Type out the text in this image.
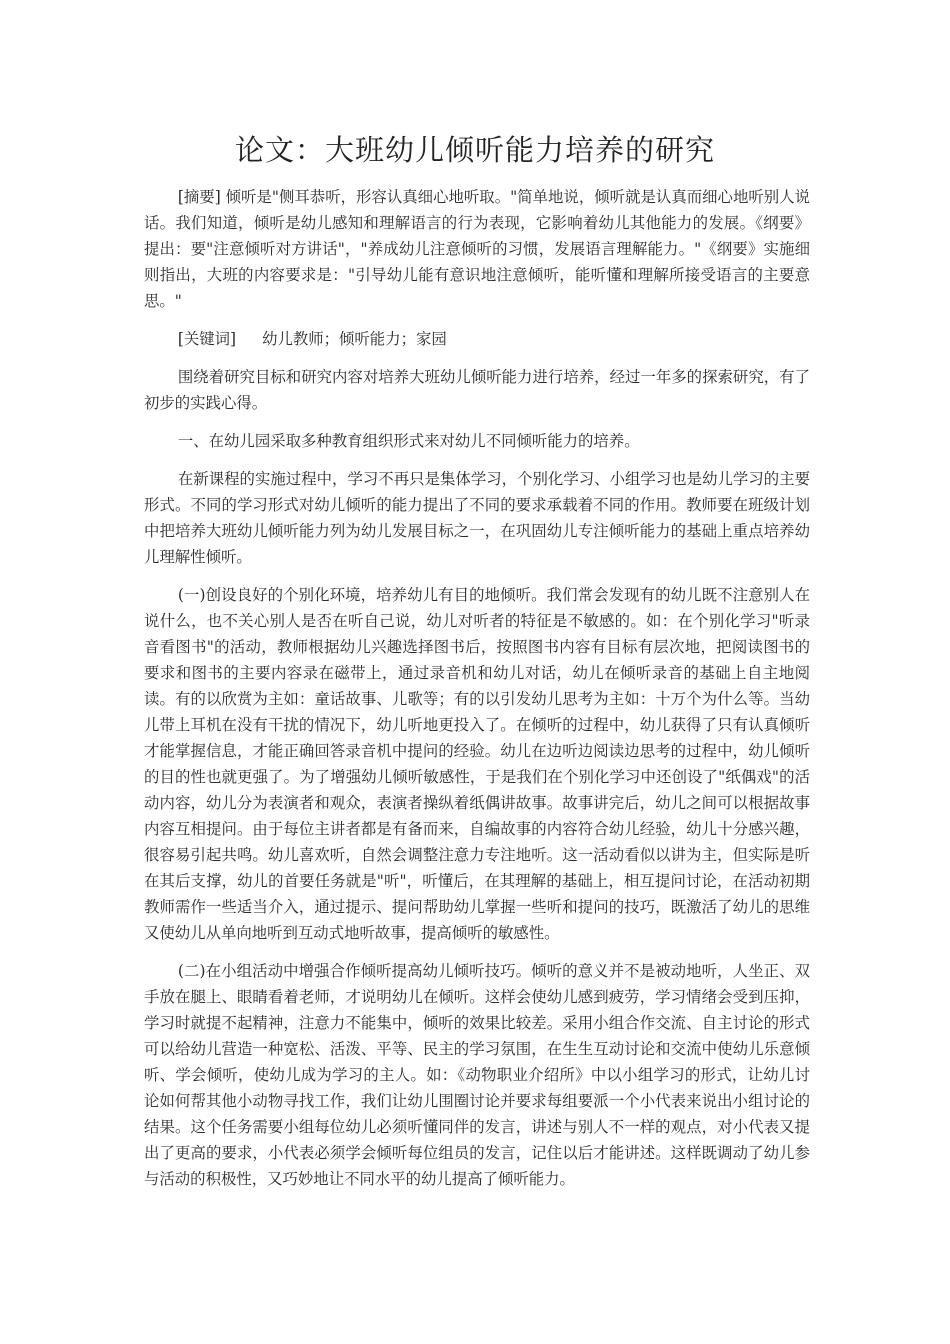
论文：大班幼儿倾听能力培养的研究

[摘要] 倾听是"侧耳恭听，形容认真细心地听取。"简单地说，倾听就是认真而细心地听别人说话。我们知道，倾听是幼儿感知和理解语言的行为表现，它影响着幼儿其他能力的发展。《纲要》提出：要"注意倾听对方讲话"，"养成幼儿注意倾听的习惯，发展语言理解能力。"《纲要》实施细则指出，大班的内容要求是："引导幼儿能有意识地注意倾听，能听懂和理解所接受语言的主要意思。"

[关键词] 幼儿教师；倾听能力；家园

围绕着研究目标和研究内容对培养大班幼儿倾听能力进行培养，经过一年多的探索研究，有了初步的实践心得。

一、在幼儿园采取多种教育组织形式来对幼儿不同倾听能力的培养。

在新课程的实施过程中，学习不再只是集体学习，个别化学习、小组学习也是幼儿学习的主要形式。不同的学习形式对幼儿倾听的能力提出了不同的要求承载着不同的作用。教师要在班级计划中把培养大班幼儿倾听能力列为幼儿发展目标之一，在巩固幼儿专注倾听能力的基础上重点培养幼儿理解性倾听。

(一)创设良好的个别化环境，培养幼儿有目的地倾听。我们常会发现有的幼儿既不注意别人在说什么，也不关心别人是否在听自己说，幼儿对听者的特征是不敏感的。如：在个别化学习"听录音看图书"的活动，教师根据幼儿兴趣选择图书后，按照图书内容有目标有层次地，把阅读图书的要求和图书的主要内容录在磁带上，通过录音机和幼儿对话，幼儿在倾听录音的基础上自主地阅读。有的以欣赏为主如：童话故事、儿歌等；有的以引发幼儿思考为主如：十万个为什么等。当幼儿带上耳机在没有干扰的情况下，幼儿听地更投入了。在倾听的过程中，幼儿获得了只有认真倾听才能掌握信息，才能正确回答录音机中提问的经验。幼儿在边听边阅读边思考的过程中，幼儿倾听的目的性也就更强了。为了增强幼儿倾听敏感性，于是我们在个别化学习中还创设了"纸偶戏"的活动内容，幼儿分为表演者和观众，表演者操纵着纸偶讲故事。故事讲完后，幼儿之间可以根据故事内容互相提问。由于每位主讲者都是有备而来，自编故事的内容符合幼儿经验，幼儿十分感兴趣，很容易引起共鸣。幼儿喜欢听，自然会调整注意力专注地听。这一活动看似以讲为主，但实际是听在其后支撑，幼儿的首要任务就是"听"，听懂后，在其理解的基础上，相互提问讨论，在活动初期教师需作一些适当介入，通过提示、提问帮助幼儿掌握一些听和提问的技巧，既激活了幼儿的思维又使幼儿从单向地听到互动式地听故事，提高倾听的敏感性。

(二)在小组活动中增强合作倾听提高幼儿倾听技巧。倾听的意义并不是被动地听，人坐正、双手放在腿上、眼睛看着老师，才说明幼儿在倾听。这样会使幼儿感到疲劳，学习情绪会受到压抑，学习时就提不起精神，注意力不能集中，倾听的效果比较差。采用小组合作交流、自主讨论的形式可以给幼儿营造一种宽松、活泼、平等、民主的学习氛围，在生生互动讨论和交流中使幼儿乐意倾听、学会倾听，使幼儿成为学习的主人。如：《动物职业介绍所》中以小组学习的形式，让幼儿讨论如何帮其他小动物寻找工作，我们让幼儿围圈讨论并要求每组要派一个小代表来说出小组讨论的结果。这个任务需要小组每位幼儿必须听懂同伴的发言，讲述与别人不一样的观点，对小代表又提出了更高的要求，小代表必须学会倾听每位组员的发言，记住以后才能讲述。这样既调动了幼儿参与活动的积极性，又巧妙地让不同水平的幼儿提高了倾听能力。
